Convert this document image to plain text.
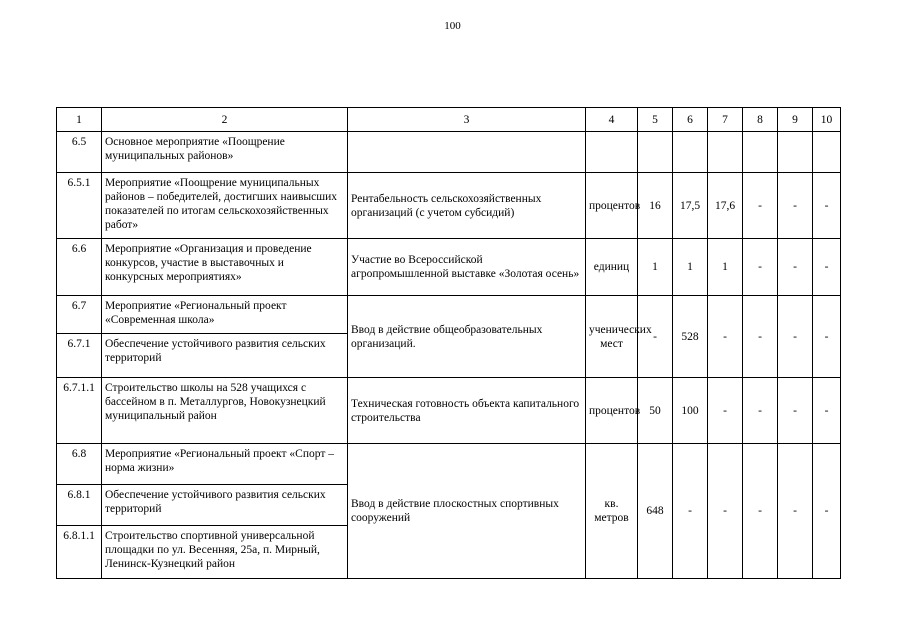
100
1	2	3	4	5	6	7	8	9	10
6.5	Основное мероприятие «Поощрение муниципальных районов»								
6.5.1	Мероприятие «Поощрение муниципальных районов – победителей, достигших наивысших показателей по итогам сельскохозяйственных работ»	Рентабельность сельскохозяйственных организаций (с учетом субсидий)	процентов	16	17,5	17,6	-	-	-
6.6	Мероприятие «Организация и проведение конкурсов, участие в выставочных и конкурсных мероприятиях»	Участие во Всероссийской агропромышленной выставке «Золотая осень»	единиц	1	1	1	-	-	-
6.7	Мероприятие «Региональный проект «Современная школа»	Ввод в действие общеобразовательных организаций.	ученических мест	-	528	-	-	-	-
6.7.1	Обеспечение устойчивого развития сельских территорий								
6.7.1.1	Строительство школы на 528 учащихся с бассейном в п. Металлургов, Новокузнецкий муниципальный район	Техническая готовность объекта капитального строительства	процентов	50	100	-	-	-	-
6.8	Мероприятие «Региональный проект «Спорт – норма жизни»	Ввод в действие плоскостных спортивных сооружений	кв. метров	648	-	-	-	-	-
6.8.1	Обеспечение устойчивого развития сельских территорий								
6.8.1.1	Строительство спортивной универсальной площадки по ул. Весенняя, 25а, п. Мирный, Ленинск-Кузнецкий район								
